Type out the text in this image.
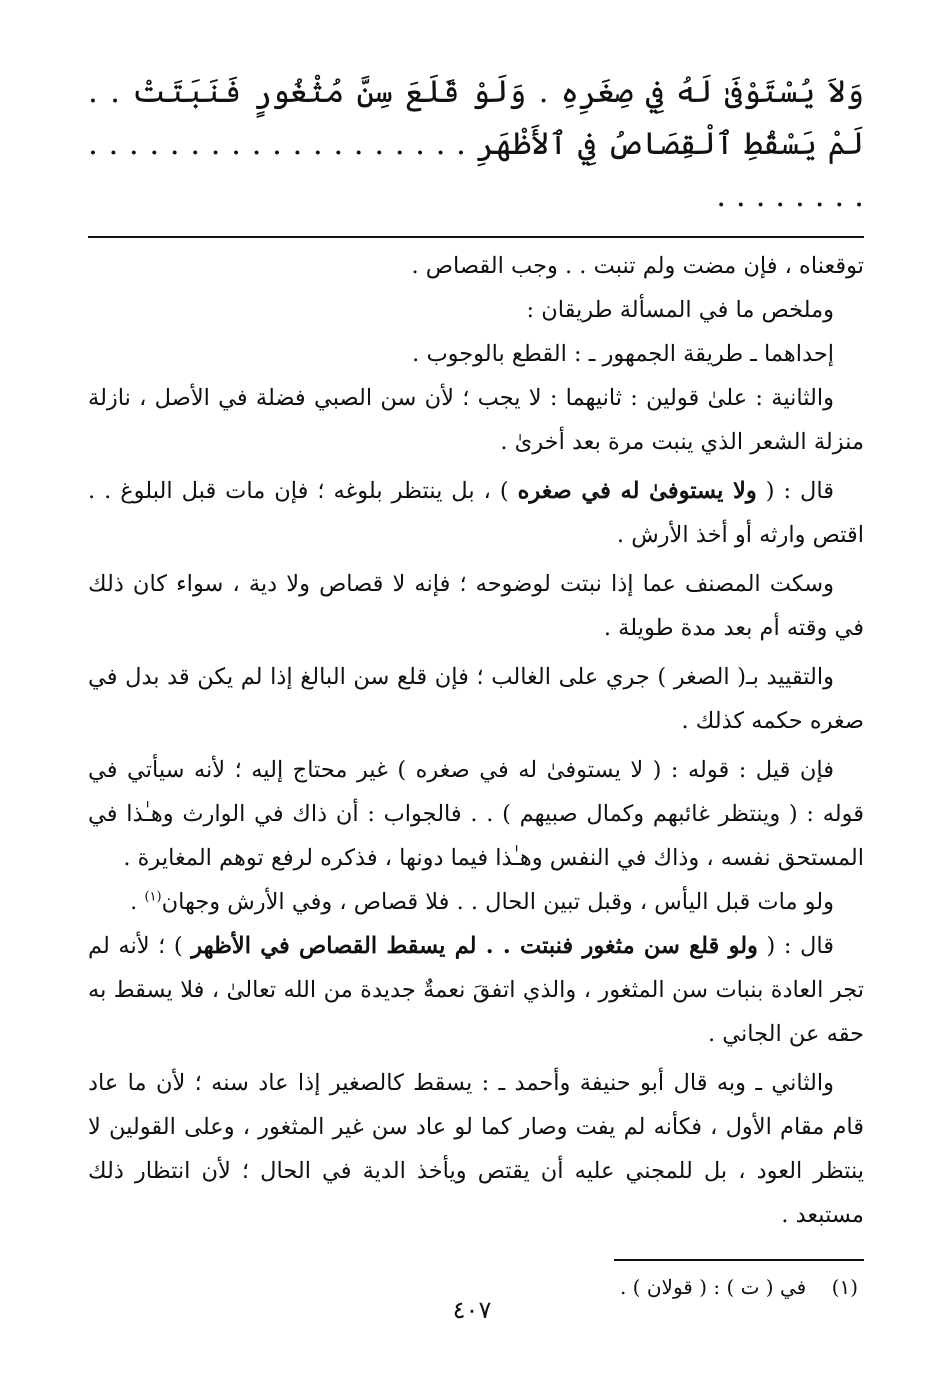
وَلاَ يُسْتَوْفَىٰ لَهُ فِي صِغَرِهِ . وَلَوْ قَلَعَ سِنَّ مُثْغُورٍ فَنَبَتَتْ . . لَمْ يَسْقُطِ ٱلْقِصَاصُ فِي ٱلأَظْهَرِ . . . . . . . . . . . . . . . . . . . . . . . . . . .

توقعناه ، فإن مضت ولم تنبت . . وجب القصاص .

وملخص ما في المسألة طريقان :

إحداهما ـ طريقة الجمهور ـ : القطع بالوجوب .

والثانية : علىٰ قولين : ثانيهما : لا يجب ؛ لأن سن الصبي فضلة في الأصل ، نازلة منزلة الشعر الذي ينبت مرة بعد أخرىٰ .

قال : ( ولا يستوفىٰ له في صغره ) ، بل ينتظر بلوغه ؛ فإن مات قبل البلوغ . . اقتص وارثه أو أخذ الأرش .

وسكت المصنف عما إذا نبتت لوضوحه ؛ فإنه لا قصاص ولا دية ، سواء كان ذلك في وقته أم بعد مدة طويلة .

والتقييد بـ( الصغر ) جري على الغالب ؛ فإن قلع سن البالغ إذا لم يكن قد بدل في صغره حكمه كذلك .

فإن قيل : قوله : ( لا يستوفىٰ له في صغره ) غير محتاج إليه ؛ لأنه سيأتي في قوله : ( وينتظر غائبهم وكمال صبيهم ) . . فالجواب : أن ذاك في الوارث وهـٰذا في المستحق نفسه ، وذاك في النفس وهـٰذا فيما دونها ، فذكره لرفع توهم المغايرة .

ولو مات قبل اليأس ، وقبل تبين الحال . . فلا قصاص ، وفي الأرش وجهان$^{(١)}$ .

قال : ( ولو قلع سن مثغور فنبتت . . لم يسقط القصاص في الأظهر ) ؛ لأنه لم تجر العادة بنبات سن المثغور ، والذي اتفقَ نعمةٌ جديدة من الله تعالىٰ ، فلا يسقط به حقه عن الجاني .

والثاني ـ وبه قال أبو حنيفة وأحمد ـ : يسقط كالصغير إذا عاد سنه ؛ لأن ما عاد قام مقام الأول ، فكأنه لم يفت وصار كما لو عاد سن غير المثغور ، وعلى القولين لا ينتظر العود ، بل للمجني عليه أن يقتص ويأخذ الدية في الحال ؛ لأن انتظار ذلك مستبعد .

(١)    في ( ت ) : ( قولان ) .

٤٠٧
